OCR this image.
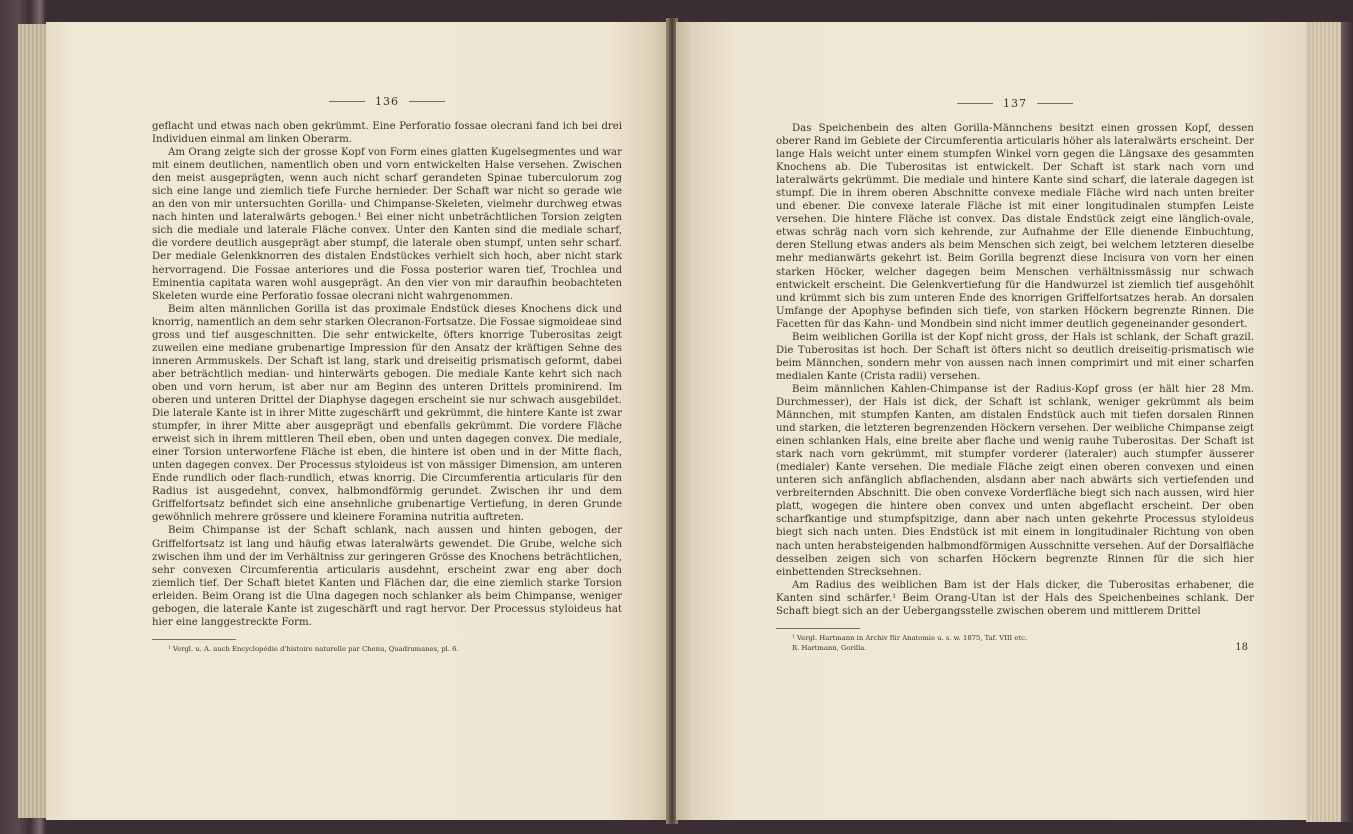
136

geflacht und etwas nach oben gekrümmt. Eine Perforatio fossae olecrani fand ich bei drei Individuen einmal am linken Oberarm.

Am Orang zeigte sich der grosse Kopf von Form eines glatten Kugelsegmentes und war mit einem deutlichen, namentlich oben und vorn entwickelten Halse versehen. Zwischen den meist ausgeprägten, wenn auch nicht scharf gerandeten Spinae tuberculorum zog sich eine lange und ziemlich tiefe Furche hernieder. Der Schaft war nicht so gerade wie an den von mir untersuchten Gorilla- und Chimpanse-Skeleten, vielmehr durchweg etwas nach hinten und lateralwärts gebogen.¹ Bei einer nicht unbeträchtlichen Torsion zeigten sich die mediale und laterale Fläche convex. Unter den Kanten sind die mediale scharf, die vordere deutlich ausgeprägt aber stumpf, die laterale oben stumpf, unten sehr scharf. Der mediale Gelenkknorren des distalen Endstückes verhielt sich hoch, aber nicht stark hervorragend. Die Fossae anteriores und die Fossa posterior waren tief, Trochlea und Eminentia capitata waren wohl ausgeprägt. An den vier von mir daraufhin beobachteten Skeleten wurde eine Perforatio fossae olecrani nicht wahrgenommen.

Beim alten männlichen Gorilla ist das proximale Endstück dieses Knochens dick und knorrig, namentlich an dem sehr starken Olecranon-Fortsatze. Die Fossae sigmoideae sind gross und tief ausgeschnitten. Die sehr entwickelte, öfters knorrige Tuberositas zeigt zuweilen eine mediane grubenartige Impression für den Ansatz der kräftigen Sehne des inneren Armmuskels. Der Schaft ist lang, stark und dreiseitig prismatisch geformt, dabei aber beträchtlich median- und hinterwärts gebogen. Die mediale Kante kehrt sich nach oben und vorn herum, ist aber nur am Beginn des unteren Drittels prominirend. Im oberen und unteren Drittel der Diaphyse dagegen erscheint sie nur schwach ausgebildet. Die laterale Kante ist in ihrer Mitte zugeschärft und gekrümmt, die hintere Kante ist zwar stumpfer, in ihrer Mitte aber ausgeprägt und ebenfalls gekrümmt. Die vordere Fläche erweist sich in ihrem mittleren Theil eben, oben und unten dagegen convex. Die mediale, einer Torsion unterworfene Fläche ist eben, die hintere ist oben und in der Mitte flach, unten dagegen convex. Der Processus styloideus ist von mässiger Dimension, am unteren Ende rundlich oder flach-rundlich, etwas knorrig. Die Circumferentia articularis für den Radius ist ausgedehnt, convex, halbmondförmig gerundet. Zwischen ihr und dem Griffelfortsatz befindet sich eine ansehnliche grubenartige Vertiefung, in deren Grunde gewöhnlich mehrere grössere und kleinere Foramina nutritia auftreten.

Beim Chimpanse ist der Schaft schlank, nach aussen und hinten gebogen, der Griffelfortsatz ist lang und häufig etwas lateralwärts gewendet. Die Grube, welche sich zwischen ihm und der im Verhältniss zur geringeren Grösse des Knochens beträchtlichen, sehr convexen Circumferentia articularis ausdehnt, erscheint zwar eng aber doch ziemlich tief. Der Schaft bietet Kanten und Flächen dar, die eine ziemlich starke Torsion erleiden. Beim Orang ist die Ulna dagegen noch schlanker als beim Chimpanse, weniger gebogen, die laterale Kante ist zugeschärft und ragt hervor. Der Processus styloideus hat hier eine langgestreckte Form.

¹ Vergl. u. A. auch Encyclopédie d'histoire naturelle par Chenu, Quadrumanes, pl. 6.
137

Das Speichenbein des alten Gorilla-Männchens besitzt einen grossen Kopf, dessen oberer Rand im Gebiete der Circumferentia articularis höher als lateralwärts erscheint. Der lange Hals weicht unter einem stumpfen Winkel vorn gegen die Längsaxe des gesammten Knochens ab. Die Tuberositas ist entwickelt. Der Schaft ist stark nach vorn und lateralwärts gekrümmt. Die mediale und hintere Kante sind scharf, die laterale dagegen ist stumpf. Die in ihrem oberen Abschnitte convexe mediale Fläche wird nach unten breiter und ebener. Die convexe laterale Fläche ist mit einer longitudinalen stumpfen Leiste versehen. Die hintere Fläche ist convex. Das distale Endstück zeigt eine länglich-ovale, etwas schräg nach vorn sich kehrende, zur Aufnahme der Elle dienende Einbuchtung, deren Stellung etwas anders als beim Menschen sich zeigt, bei welchem letzteren dieselbe mehr medianwärts gekehrt ist. Beim Gorilla begrenzt diese Incisura von vorn her einen starken Höcker, welcher dagegen beim Menschen verhältnissmässig nur schwach entwickelt erscheint. Die Gelenkvertiefung für die Handwurzel ist ziemlich tief ausgehöhlt und krümmt sich bis zum unteren Ende des knorrigen Griffelfortsatzes herab. An dorsalen Umfange der Apophyse befinden sich tiefe, von starken Höckern begrenzte Rinnen. Die Facetten für das Kahn- und Mondbein sind nicht immer deutlich gegeneinander gesondert.

Beim weiblichen Gorilla ist der Kopf nicht gross, der Hals ist schlank, der Schaft grazil. Die Tuberositas ist hoch. Der Schaft ist öfters nicht so deutlich dreiseitig-prismatisch wie beim Männchen, sondern mehr von aussen nach innen comprimirt und mit einer scharfen medialen Kante (Crista radii) versehen.

Beim männlichen Kahlen-Chimpanse ist der Radius-Kopf gross (er hält hier 28 Mm. Durchmesser), der Hals ist dick, der Schaft ist schlank, weniger gekrümmt als beim Männchen, mit stumpfen Kanten, am distalen Endstück auch mit tiefen dorsalen Rinnen und starken, die letzteren begrenzenden Höckern versehen. Der weibliche Chimpanse zeigt einen schlanken Hals, eine breite aber flache und wenig rauhe Tuberositas. Der Schaft ist stark nach vorn gekrümmt, mit stumpfer vorderer (lateraler) auch stumpfer äusserer (medialer) Kante versehen. Die mediale Fläche zeigt einen oberen convexen und einen unteren sich anfänglich abflachenden, alsdann aber nach abwärts sich vertiefenden und verbreiternden Abschnitt. Die oben convexe Vorderfläche biegt sich nach aussen, wird hier platt, wogegen die hintere oben convex und unten abgeflacht erscheint. Der oben scharfkantige und stumpfspitzige, dann aber nach unten gekehrte Processus styloideus biegt sich nach unten. Dies Endstück ist mit einem in longitudinaler Richtung von oben nach unten herabsteigenden halbmondförmigen Ausschnitte versehen. Auf der Dorsalfläche desselben zeigen sich von scharfen Höckern begrenzte Rinnen für die sich hier einbettenden Strecksehnen.

Am Radius des weiblichen Bam ist der Hals dicker, die Tuberositas erhabener, die Kanten sind schärfer.¹ Beim Orang-Utan ist der Hals des Speichenbeines schlank. Der Schaft biegt sich an der Uebergangsstelle zwischen oberem und mittlerem Drittel

¹ Vergl. Hartmann in Archiv für Anatomie u. s. w. 1875, Taf. VIII etc.
R. Hartmann, Gorilla.	18
